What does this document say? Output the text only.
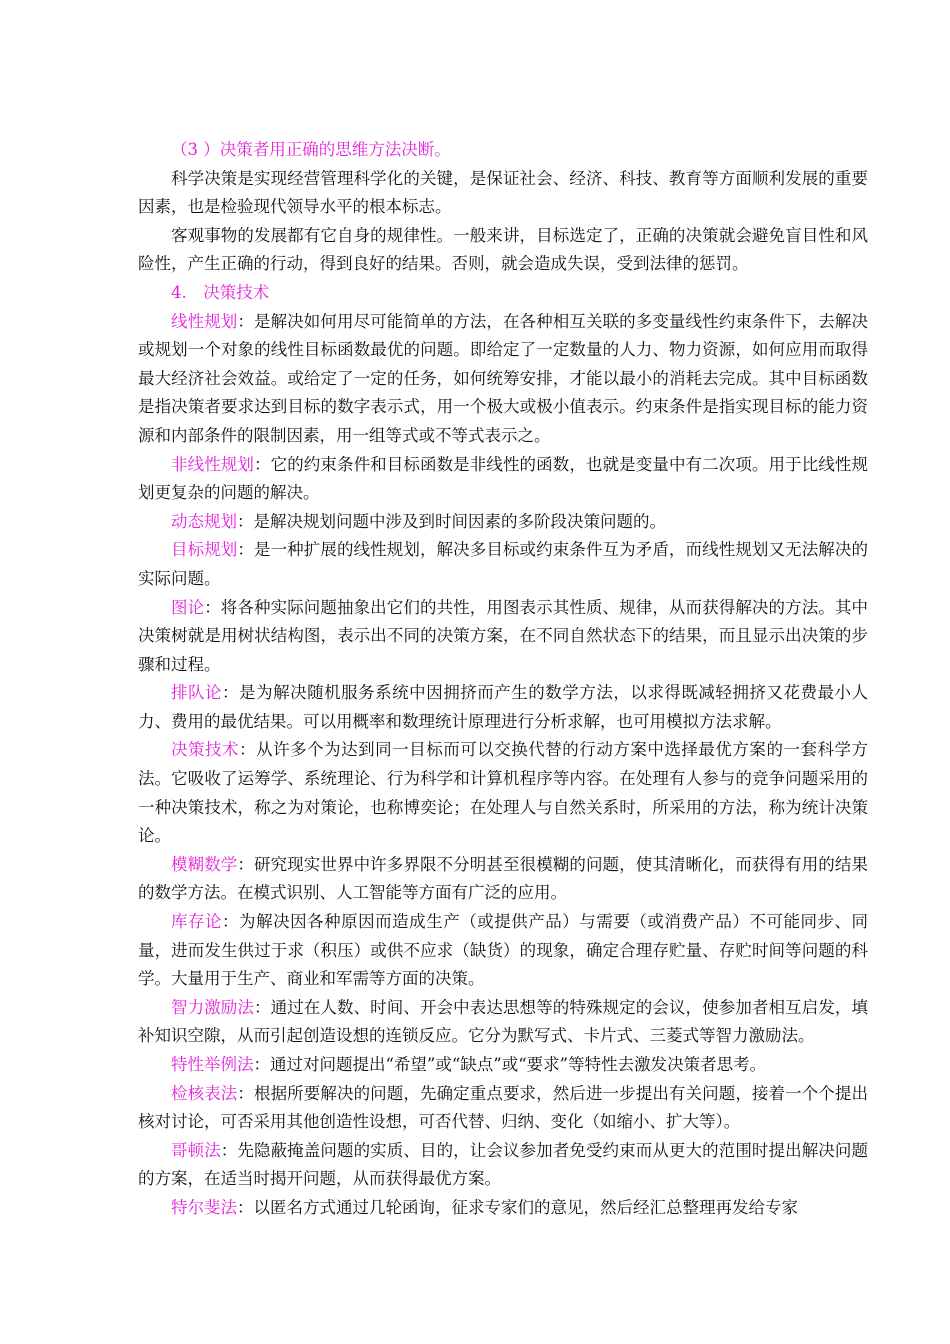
（3 ）决策者用正确的思维方法决断。

科学决策是实现经营管理科学化的关键，是保证社会、经济、科技、教育等方面顺利发展的重要因素，也是检验现代领导水平的根本标志。

客观事物的发展都有它自身的规律性。一般来讲，目标选定了，正确的决策就会避免盲目性和风险性，产生正确的行动，得到良好的结果。否则，就会造成失误，受到法律的惩罚。

4.　决策技术

线性规划：是解决如何用尽可能简单的方法，在各种相互关联的多变量线性约束条件下，去解决或规划一个对象的线性目标函数最优的问题。即给定了一定数量的人力、物力资源，如何应用而取得最大经济社会效益。或给定了一定的任务，如何统筹安排，才能以最小的消耗去完成。其中目标函数是指决策者要求达到目标的数字表示式，用一个极大或极小值表示。约束条件是指实现目标的能力资源和内部条件的限制因素，用一组等式或不等式表示之。

非线性规划：它的约束条件和目标函数是非线性的函数，也就是变量中有二次项。用于比线性规划更复杂的问题的解决。

动态规划：是解决规划问题中涉及到时间因素的多阶段决策问题的。

目标规划：是一种扩展的线性规划，解决多目标或约束条件互为矛盾，而线性规划又无法解决的实际问题。

图论：将各种实际问题抽象出它们的共性，用图表示其性质、规律，从而获得解决的方法。其中决策树就是用树状结构图，表示出不同的决策方案，在不同自然状态下的结果，而且显示出决策的步骤和过程。

排队论：是为解决随机服务系统中因拥挤而产生的数学方法，以求得既减轻拥挤又花费最小人力、费用的最优结果。可以用概率和数理统计原理进行分析求解，也可用模拟方法求解。

决策技术：从许多个为达到同一目标而可以交换代替的行动方案中选择最优方案的一套科学方法。它吸收了运筹学、系统理论、行为科学和计算机程序等内容。在处理有人参与的竞争问题采用的一种决策技术，称之为对策论，也称博奕论；在处理人与自然关系时，所采用的方法，称为统计决策论。

模糊数学：研究现实世界中许多界限不分明甚至很模糊的问题，使其清晰化，而获得有用的结果的数学方法。在模式识别、人工智能等方面有广泛的应用。

库存论：为解决因各种原因而造成生产（或提供产品）与需要（或消费产品）不可能同步、同量，进而发生供过于求（积压）或供不应求（缺货）的现象，确定合理存贮量、存贮时间等问题的科学。大量用于生产、商业和军需等方面的决策。

智力激励法：通过在人数、时间、开会中表达思想等的特殊规定的会议，使参加者相互启发，填补知识空隙，从而引起创造设想的连锁反应。它分为默写式、卡片式、三菱式等智力激励法。

特性举例法：通过对问题提出“希望”或“缺点”或“要求”等特性去激发决策者思考。

检核表法：根据所要解决的问题，先确定重点要求，然后进一步提出有关问题，接着一个个提出核对讨论，可否采用其他创造性设想，可否代替、归纳、变化（如缩小、扩大等）。

哥顿法：先隐蔽掩盖问题的实质、目的，让会议参加者免受约束而从更大的范围时提出解决问题的方案，在适当时揭开问题，从而获得最优方案。

特尔斐法：以匿名方式通过几轮函询，征求专家们的意见，然后经汇总整理再发给专家
